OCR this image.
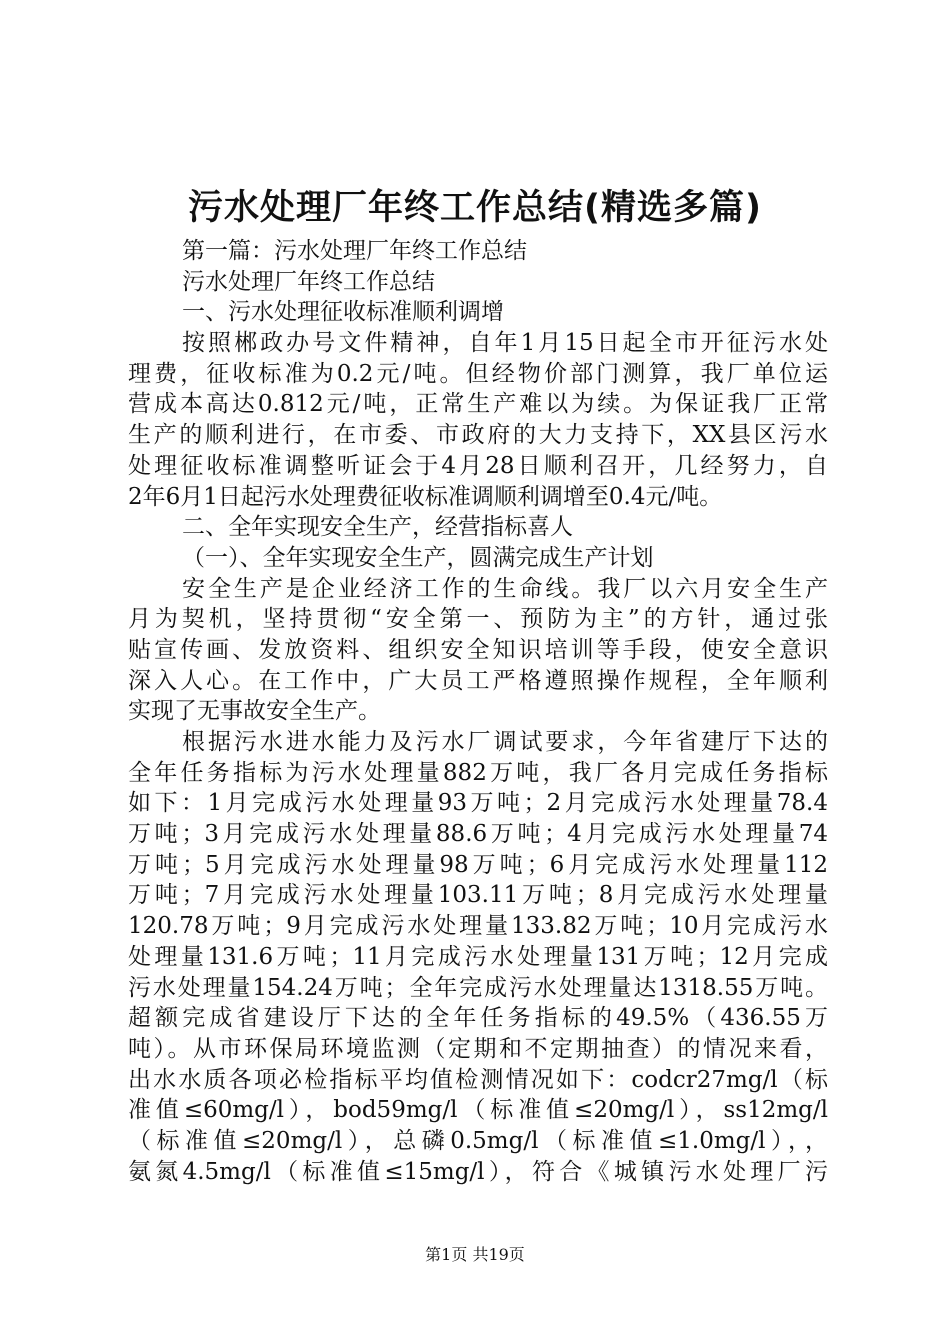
污水处理厂年终工作总结(精选多篇)
第一篇：污水处理厂年终工作总结
污水处理厂年终工作总结
一、污水处理征收标准顺利调增
按照郴政办号文件精神，自年1月15日起全市开征污水处
理费，征收标准为0.2元/吨。但经物价部门测算，我厂单位运
营成本高达0.812元/吨，正常生产难以为续。为保证我厂正常
生产的顺利进行，在市委、市政府的大力支持下，XX县区污水
处理征收标准调整听证会于4月28日顺利召开，几经努力，自
2年6月1日起污水处理费征收标准调顺利调增至0.4元/吨。
二、全年实现安全生产，经营指标喜人
（一）、全年实现安全生产，圆满完成生产计划
安全生产是企业经济工作的生命线。我厂以六月安全生产
月为契机，坚持贯彻“安全第一、预防为主”的方针，通过张
贴宣传画、发放资料、组织安全知识培训等手段，使安全意识
深入人心。在工作中，广大员工严格遵照操作规程，全年顺利
实现了无事故安全生产。
根据污水进水能力及污水厂调试要求，今年省建厅下达的
全年任务指标为污水处理量882万吨，我厂各月完成任务指标
如下：1月完成污水处理量93万吨；2月完成污水处理量78.4
万吨；3月完成污水处理量88.6万吨；4月完成污水处理量74
万吨；5月完成污水处理量98万吨；6月完成污水处理量112
万吨；7月完成污水处理量103.11万吨；8月完成污水处理量
120.78万吨；9月完成污水处理量133.82万吨；10月完成污水
处理量131.6万吨；11月完成污水处理量131万吨；12月完成
污水处理量154.24万吨；全年完成污水处理量达1318.55万吨。
超额完成省建设厅下达的全年任务指标的49.5%（436.55万
吨）。从市环保局环境监测（定期和不定期抽查）的情况来看，
出水水质各项必检指标平均值检测情况如下：codcr27mg/l（标
准值≤60mg/l），bod59mg/l（标准值≤20mg/l），ss12mg/l
（标准值≤20mg/l），总磷0.5mg/l（标准值≤1.0mg/l），，
氨氮4.5mg/l（标准值≤15mg/l），符合《城镇污水处理厂污
第1页 共19页
